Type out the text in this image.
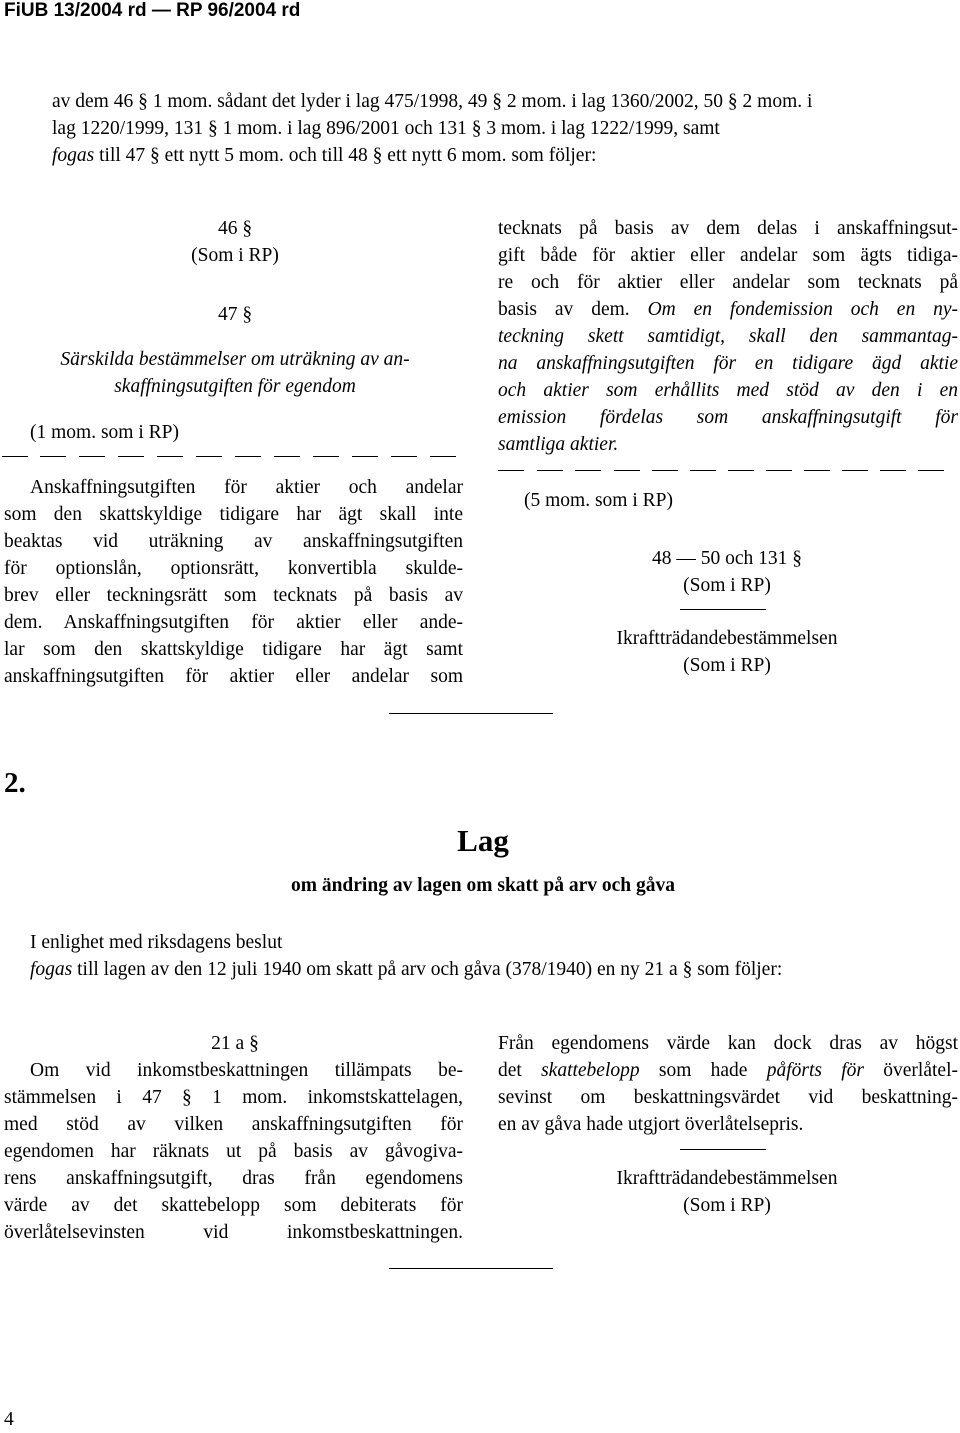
FiUB 13/2004 rd — RP 96/2004 rd
av dem 46 § 1 mom. sådant det lyder i lag 475/1998, 49 § 2 mom. i lag 1360/2002, 50 § 2 mom. i
lag 1220/1999, 131 § 1 mom. i lag 896/2001 och 131 § 3 mom. i lag 1222/1999, samt
fogas till 47 § ett nytt 5 mom. och till 48 § ett nytt 6 mom. som följer:
46 §
(Som i RP)
47 §
Särskilda bestämmelser om uträkning av an-
skaffningsutgiften för egendom
(1 mom. som i RP)
Anskaffningsutgiften för aktier och andelar
som den skattskyldige tidigare har ägt skall inte
beaktas vid uträkning av anskaffningsutgiften
för optionslån, optionsrätt, konvertibla skulde-
brev eller teckningsrätt som tecknats på basis av
dem. Anskaffningsutgiften för aktier eller ande-
lar som den skattskyldige tidigare har ägt samt
anskaffningsutgiften för aktier eller andelar som
tecknats på basis av dem delas i anskaffningsut-
gift både för aktier eller andelar som ägts tidiga-
re och för aktier eller andelar som tecknats på
basis av dem. Om en fondemission och en ny-
teckning skett samtidigt, skall den sammantag-
na anskaffningsutgiften för en tidigare ägd aktie
och aktier som erhållits med stöd av den i en
emission fördelas som anskaffningsutgift för
samtliga aktier.
(5 mom. som i RP)
48 — 50 och 131 §
(Som i RP)
Ikraftträdandebestämmelsen
(Som i RP)
2.
Lag
om ändring av lagen om skatt på arv och gåva
I enlighet med riksdagens beslut
fogas till lagen av den 12 juli 1940 om skatt på arv och gåva (378/1940) en ny 21 a § som följer:
21 a §
Om vid inkomstbeskattningen tillämpats be-
stämmelsen i 47 § 1 mom. inkomstskattelagen,
med stöd av vilken anskaffningsutgiften för
egendomen har räknats ut på basis av gåvogiva-
rens anskaffningsutgift, dras från egendomens
värde av det skattebelopp som debiterats för
överlåtelsevinsten vid inkomstbeskattningen.
Från egendomens värde kan dock dras av högst
det skattebelopp som hade påförts för överlåtel-
sevinst om beskattningsvärdet vid beskattning-
en av gåva hade utgjort överlåtelsepris.
Ikraftträdandebestämmelsen
(Som i RP)
4
